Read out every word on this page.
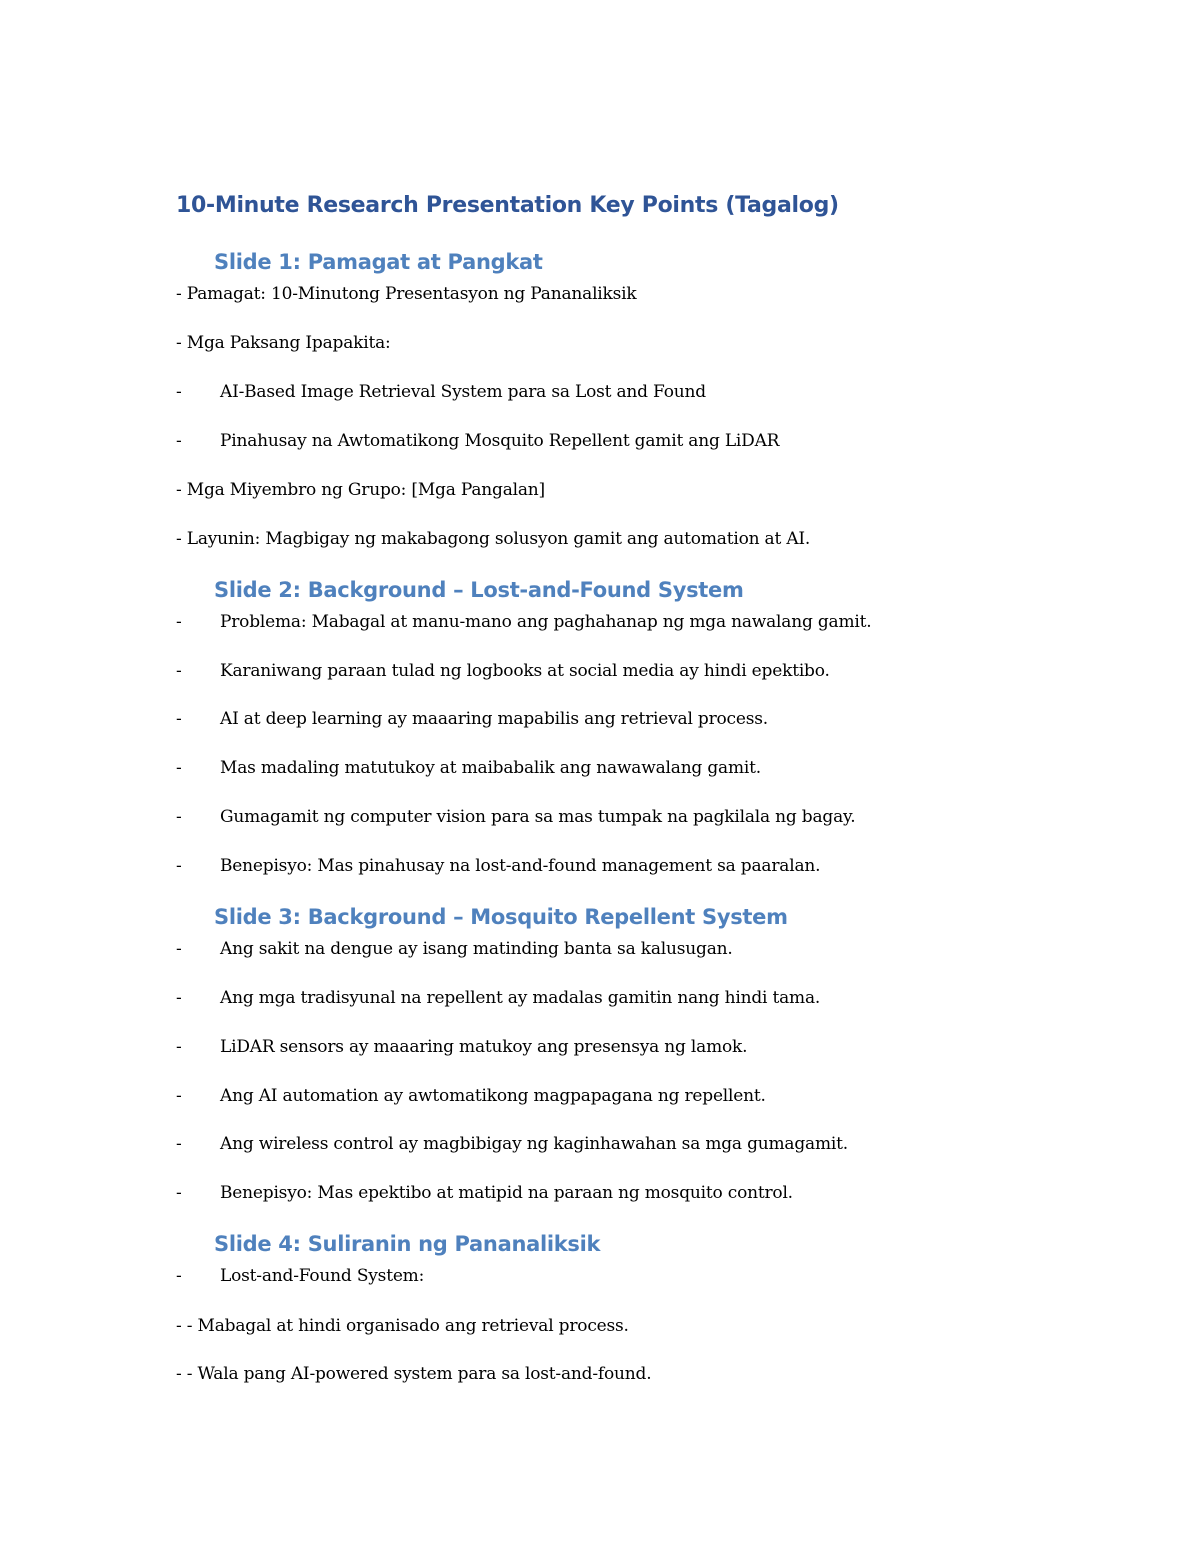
10-Minute Research Presentation Key Points (Tagalog)
Slide 1: Pamagat at Pangkat
- Pamagat: 10-Minutong Presentasyon ng Pananaliksik
- Mga Paksang Ipapakita:
- AI-Based Image Retrieval System para sa Lost and Found
- Pinahusay na Awtomatikong Mosquito Repellent gamit ang LiDAR
- Mga Miyembro ng Grupo: [Mga Pangalan]
- Layunin: Magbigay ng makabagong solusyon gamit ang automation at AI.
Slide 2: Background – Lost-and-Found System
- Problema: Mabagal at manu-mano ang paghahanap ng mga nawalang gamit.
- Karaniwang paraan tulad ng logbooks at social media ay hindi epektibo.
- AI at deep learning ay maaaring mapabilis ang retrieval process.
- Mas madaling matutukoy at maibabalik ang nawawalang gamit.
- Gumagamit ng computer vision para sa mas tumpak na pagkilala ng bagay.
- Benepisyo: Mas pinahusay na lost-and-found management sa paaralan.
Slide 3: Background – Mosquito Repellent System
- Ang sakit na dengue ay isang matinding banta sa kalusugan.
- Ang mga tradisyunal na repellent ay madalas gamitin nang hindi tama.
- LiDAR sensors ay maaaring matukoy ang presensya ng lamok.
- Ang AI automation ay awtomatikong magpapagana ng repellent.
- Ang wireless control ay magbibigay ng kaginhawahan sa mga gumagamit.
- Benepisyo: Mas epektibo at matipid na paraan ng mosquito control.
Slide 4: Suliranin ng Pananaliksik
- Lost-and-Found System:
- - Mabagal at hindi organisado ang retrieval process.
- - Wala pang AI-powered system para sa lost-and-found.
